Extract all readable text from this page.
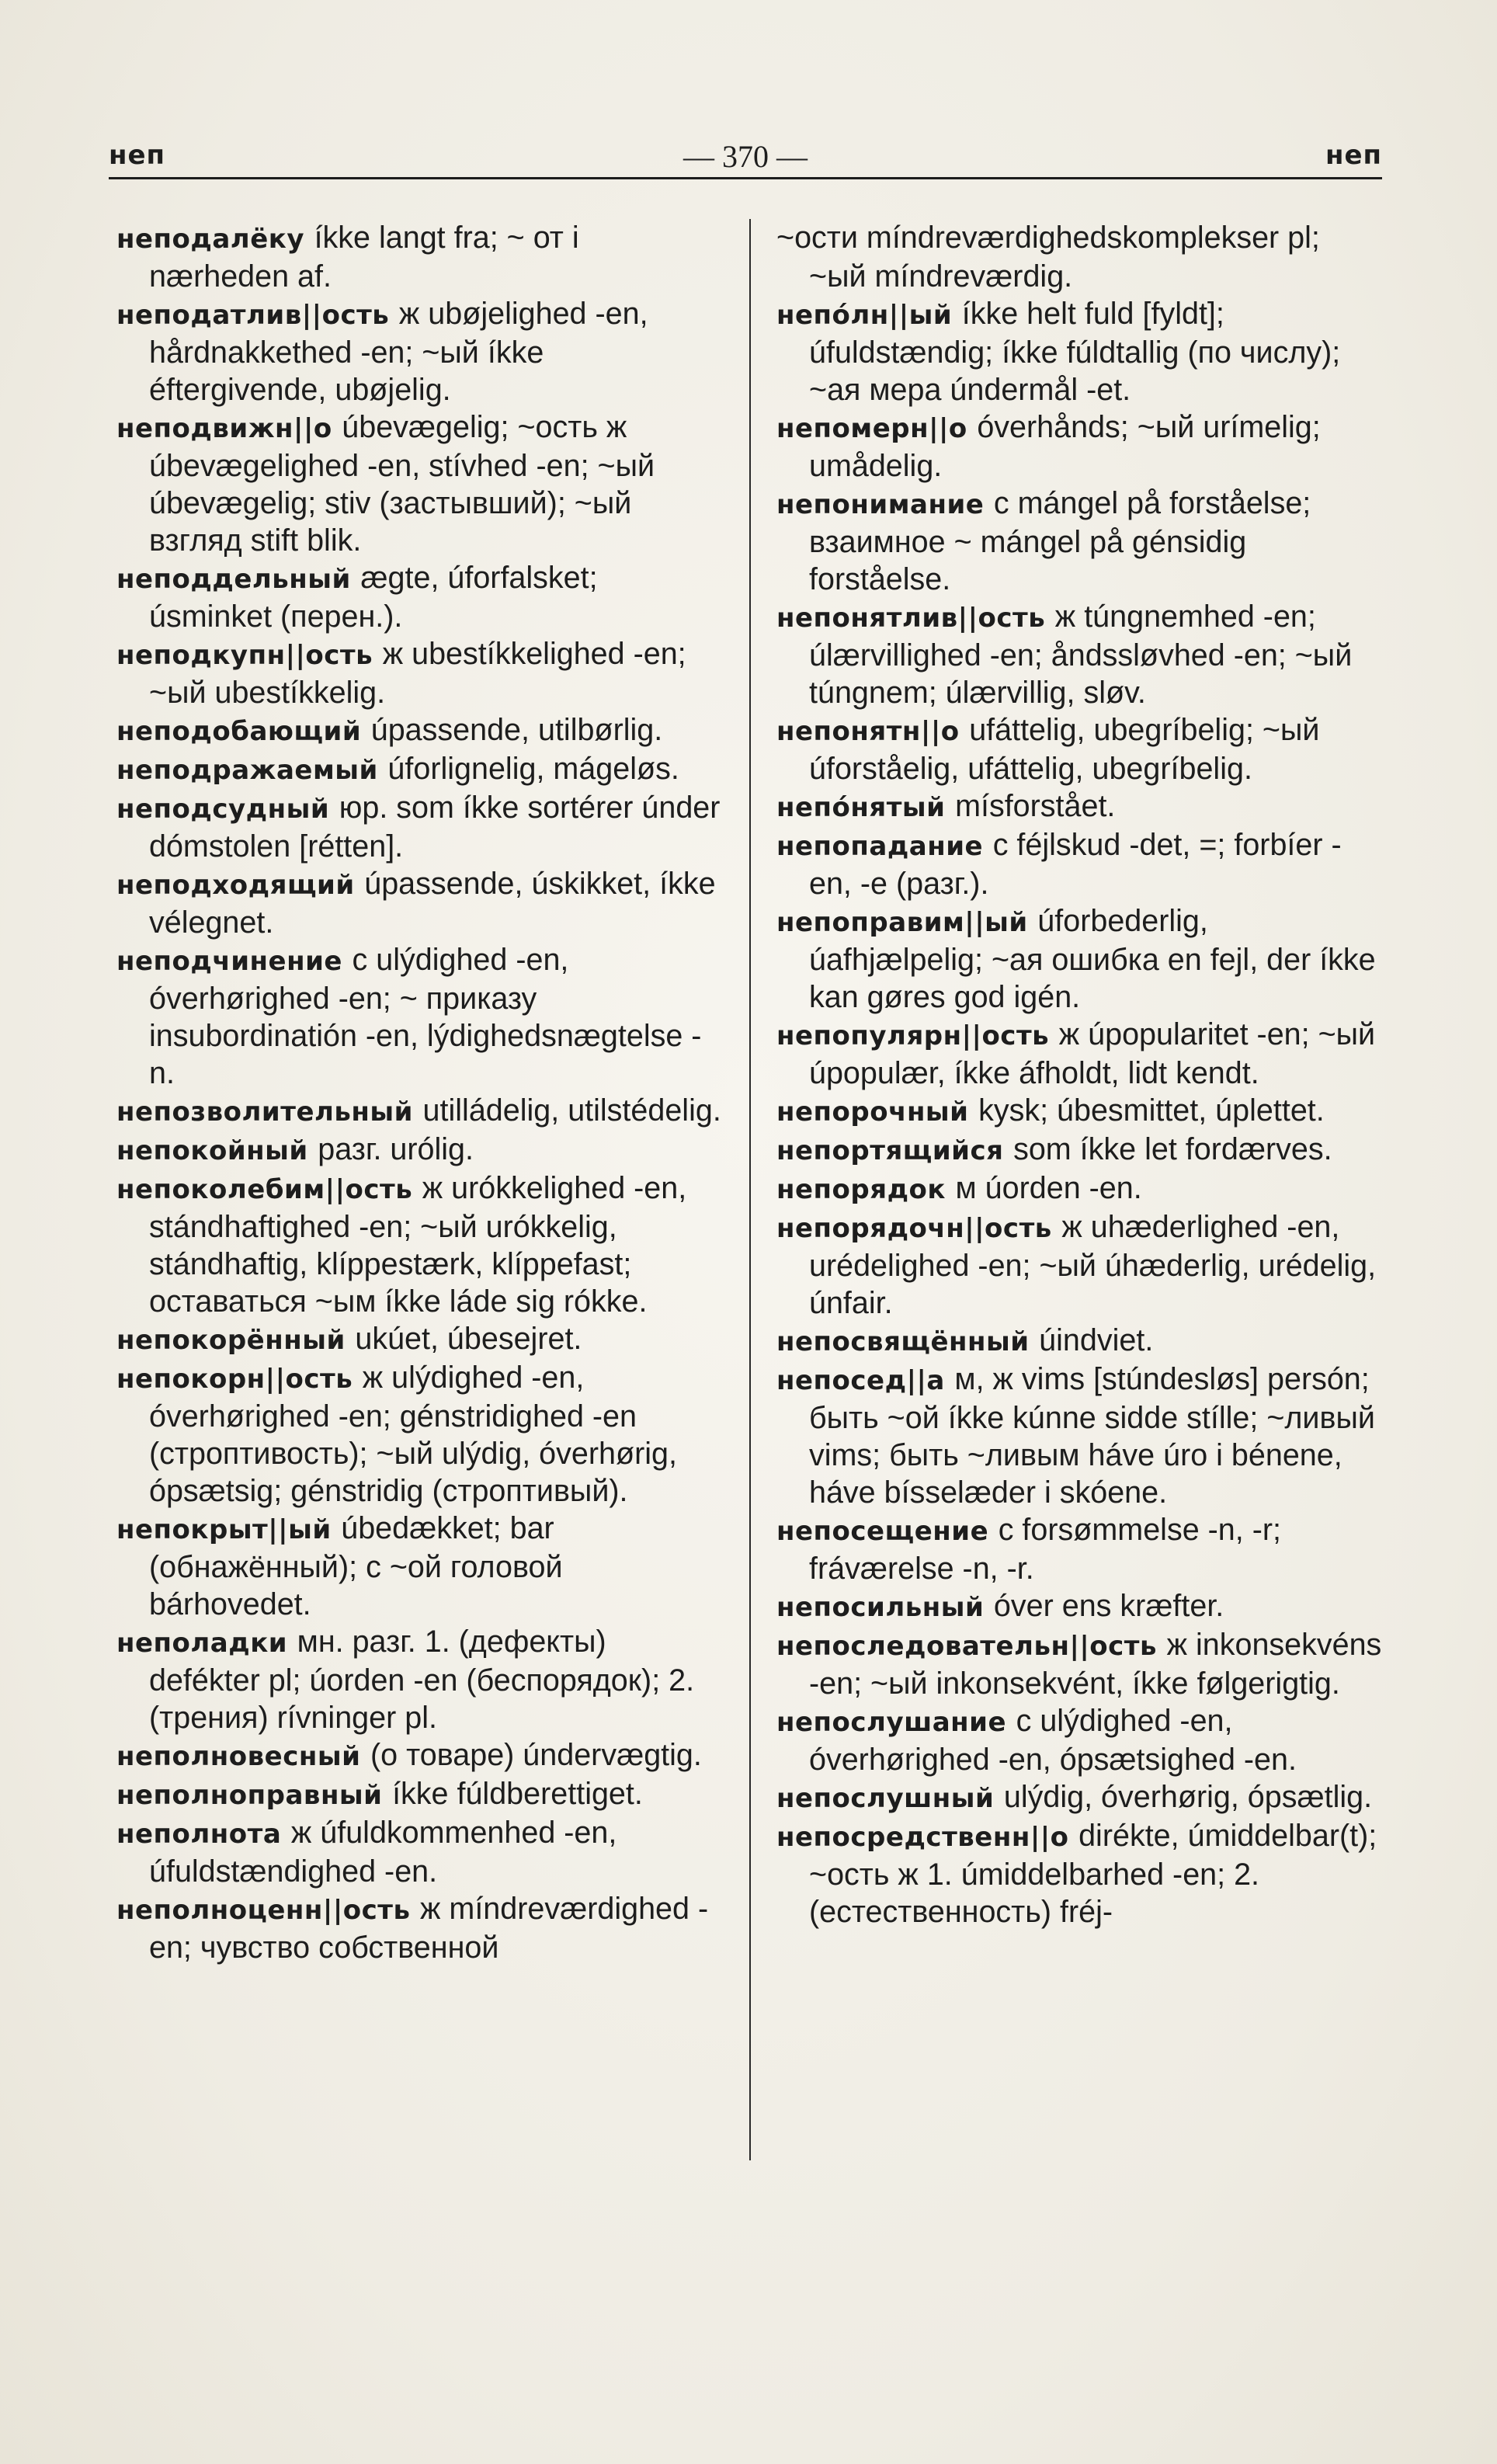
неп	— 370 —	неп

неподалёку íkke langt fra; ~ от i nærheden af.

неподатлив||ость ж ubøjelighed -en, hårdnakkethed -en; ~ый íkke éftergivende, ubøjelig.

неподвижн||о úbevægelig; ~ость ж úbevægelighed -en, stívhed -en; ~ый úbevægelig; stiv (застывший); ~ый взгляд stift blik.

неподдельный ægte, úforfalsket; úsminket (перен.).

неподкупн||ость ж ubestíkkelighed -en; ~ый ubestíkkelig.

неподобающий úpassende, utilbørlig.

неподражаемый úforlignelig, mágeløs.

неподсудный юр. som íkke sortérer únder dómstolen [rétten].

неподходящий úpassende, úskikket, íkke vélegnet.

неподчинение с ulýdighed -en, óverhørighed -en; ~ приказу insubordinatión -en, lýdighedsnægtelse -n.

непозволительный utilládelig, utilstédelig.

непокойный разг. urólig.

непоколебим||ость ж urókkelighed -en, stándhaftighed -en; ~ый urókkelig, stándhaftig, klíppestærk, klíppefast; оставаться ~ым íkke láde sig rókke.

непокорённый ukúet, úbesejret.

непокорн||ость ж ulýdighed -en, óverhørighed -en; génstridighed -en (строптивость); ~ый ulýdig, óverhørig, ópsætsig; génstridig (строптивый).

непокрыт||ый úbedækket; bar (обнажённый); с ~ой головой bárhovedet.

неполадки мн. разг. 1. (дефекты) defékter pl; úorden -en (беспорядок); 2. (трения) rívninger pl.

неполновесный (о товаре) úndervægtig.

неполноправный íkke fúldberettiget.

неполнота ж úfuldkommenhed -en, úfuldstændighed -en.

неполноценн||ость ж míndreværdighed -en; чувство собственной

~ости míndreværdighedskomplekser pl; ~ый míndreværdig.

непóлн||ый íkke helt fuld [fyldt]; úfuldstændig; íkke fúldtallig (по числу); ~ая мера úndermål -et.

непомерн||о óverhånds; ~ый urímelig; umådelig.

непонимание с mángel på forståelse; взаимное ~ mángel på génsidig forståelse.

непонятлив||ость ж túngnemhed -en; úlærvillighed -en; åndssløvhed -en; ~ый túngnem; úlærvillig, sløv.

непонятн||о ufáttelig, ubegríbelig; ~ый úforståelig, ufáttelig, ubegríbelig.

непóнятый mísforstået.

непопадание с féjlskud -det, =; forbíer -en, -e (разг.).

непоправим||ый úforbederlig, úafhjælpelig; ~ая ошибка en fejl, der íkke kan gøres god igén.

непопулярн||ость ж úpopularitet -en; ~ый úpopulær, íkke áfholdt, lidt kendt.

непорочный kysk; úbesmittet, úplettet.

непортящийся som íkke let fordærves.

непорядок м úorden -en.

непорядочн||ость ж uhæderlighed -en, urédelighed -en; ~ый úhæderlig, urédelig, únfair.

непосвящённый úindviet.

непосед||а м, ж vims [stúndesløs] persón; быть ~ой íkke kúnne sidde stílle; ~ливый vims; быть ~ливым háve úro i bénene, háve bísselæder i skóene.

непосещение с forsømmelse -n, -r; fráværelse -n, -r.

непосильный óver ens kræfter.

непоследовательн||ость ж inkonsekvéns -en; ~ый inkonsekvént, íkke følgerigtig.

непослушание с ulýdighed -en, óverhørighed -en, ópsætsighed -en.

непослушный ulýdig, óverhørig, ópsætlig.

непосредственн||о dirékte, úmiddelbar(t); ~ость ж 1. úmiddelbarhed -en; 2. (естественность) fréj-
